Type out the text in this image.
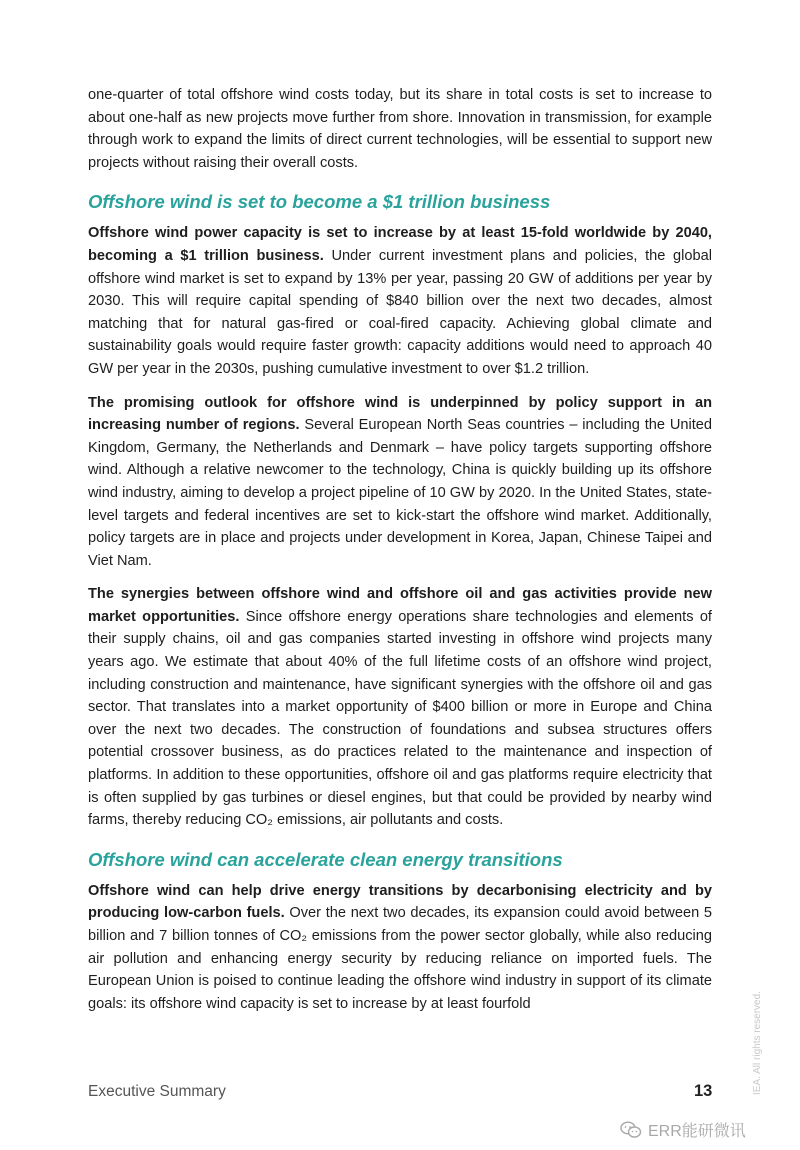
one-quarter of total offshore wind costs today, but its share in total costs is set to increase to about one-half as new projects move further from shore. Innovation in transmission, for example through work to expand the limits of direct current technologies, will be essential to support new projects without raising their overall costs.

Offshore wind is set to become a $1 trillion business

Offshore wind power capacity is set to increase by at least 15-fold worldwide by 2040, becoming a $1 trillion business. Under current investment plans and policies, the global offshore wind market is set to expand by 13% per year, passing 20 GW of additions per year by 2030. This will require capital spending of $840 billion over the next two decades, almost matching that for natural gas-fired or coal-fired capacity. Achieving global climate and sustainability goals would require faster growth: capacity additions would need to approach 40 GW per year in the 2030s, pushing cumulative investment to over $1.2 trillion.

The promising outlook for offshore wind is underpinned by policy support in an increasing number of regions. Several European North Seas countries – including the United Kingdom, Germany, the Netherlands and Denmark – have policy targets supporting offshore wind. Although a relative newcomer to the technology, China is quickly building up its offshore wind industry, aiming to develop a project pipeline of 10 GW by 2020. In the United States, state-level targets and federal incentives are set to kick-start the offshore wind market. Additionally, policy targets are in place and projects under development in Korea, Japan, Chinese Taipei and Viet Nam.

The synergies between offshore wind and offshore oil and gas activities provide new market opportunities. Since offshore energy operations share technologies and elements of their supply chains, oil and gas companies started investing in offshore wind projects many years ago. We estimate that about 40% of the full lifetime costs of an offshore wind project, including construction and maintenance, have significant synergies with the offshore oil and gas sector. That translates into a market opportunity of $400 billion or more in Europe and China over the next two decades. The construction of foundations and subsea structures offers potential crossover business, as do practices related to the maintenance and inspection of platforms. In addition to these opportunities, offshore oil and gas platforms require electricity that is often supplied by gas turbines or diesel engines, but that could be provided by nearby wind farms, thereby reducing CO₂ emissions, air pollutants and costs.

Offshore wind can accelerate clean energy transitions

Offshore wind can help drive energy transitions by decarbonising electricity and by producing low-carbon fuels. Over the next two decades, its expansion could avoid between 5 billion and 7 billion tonnes of CO₂ emissions from the power sector globally, while also reducing air pollution and enhancing energy security by reducing reliance on imported fuels. The European Union is poised to continue leading the offshore wind industry in support of its climate goals: its offshore wind capacity is set to increase by at least fourfold

Executive Summary	13	IEA. All rights reserved.
ERR能研微讯
